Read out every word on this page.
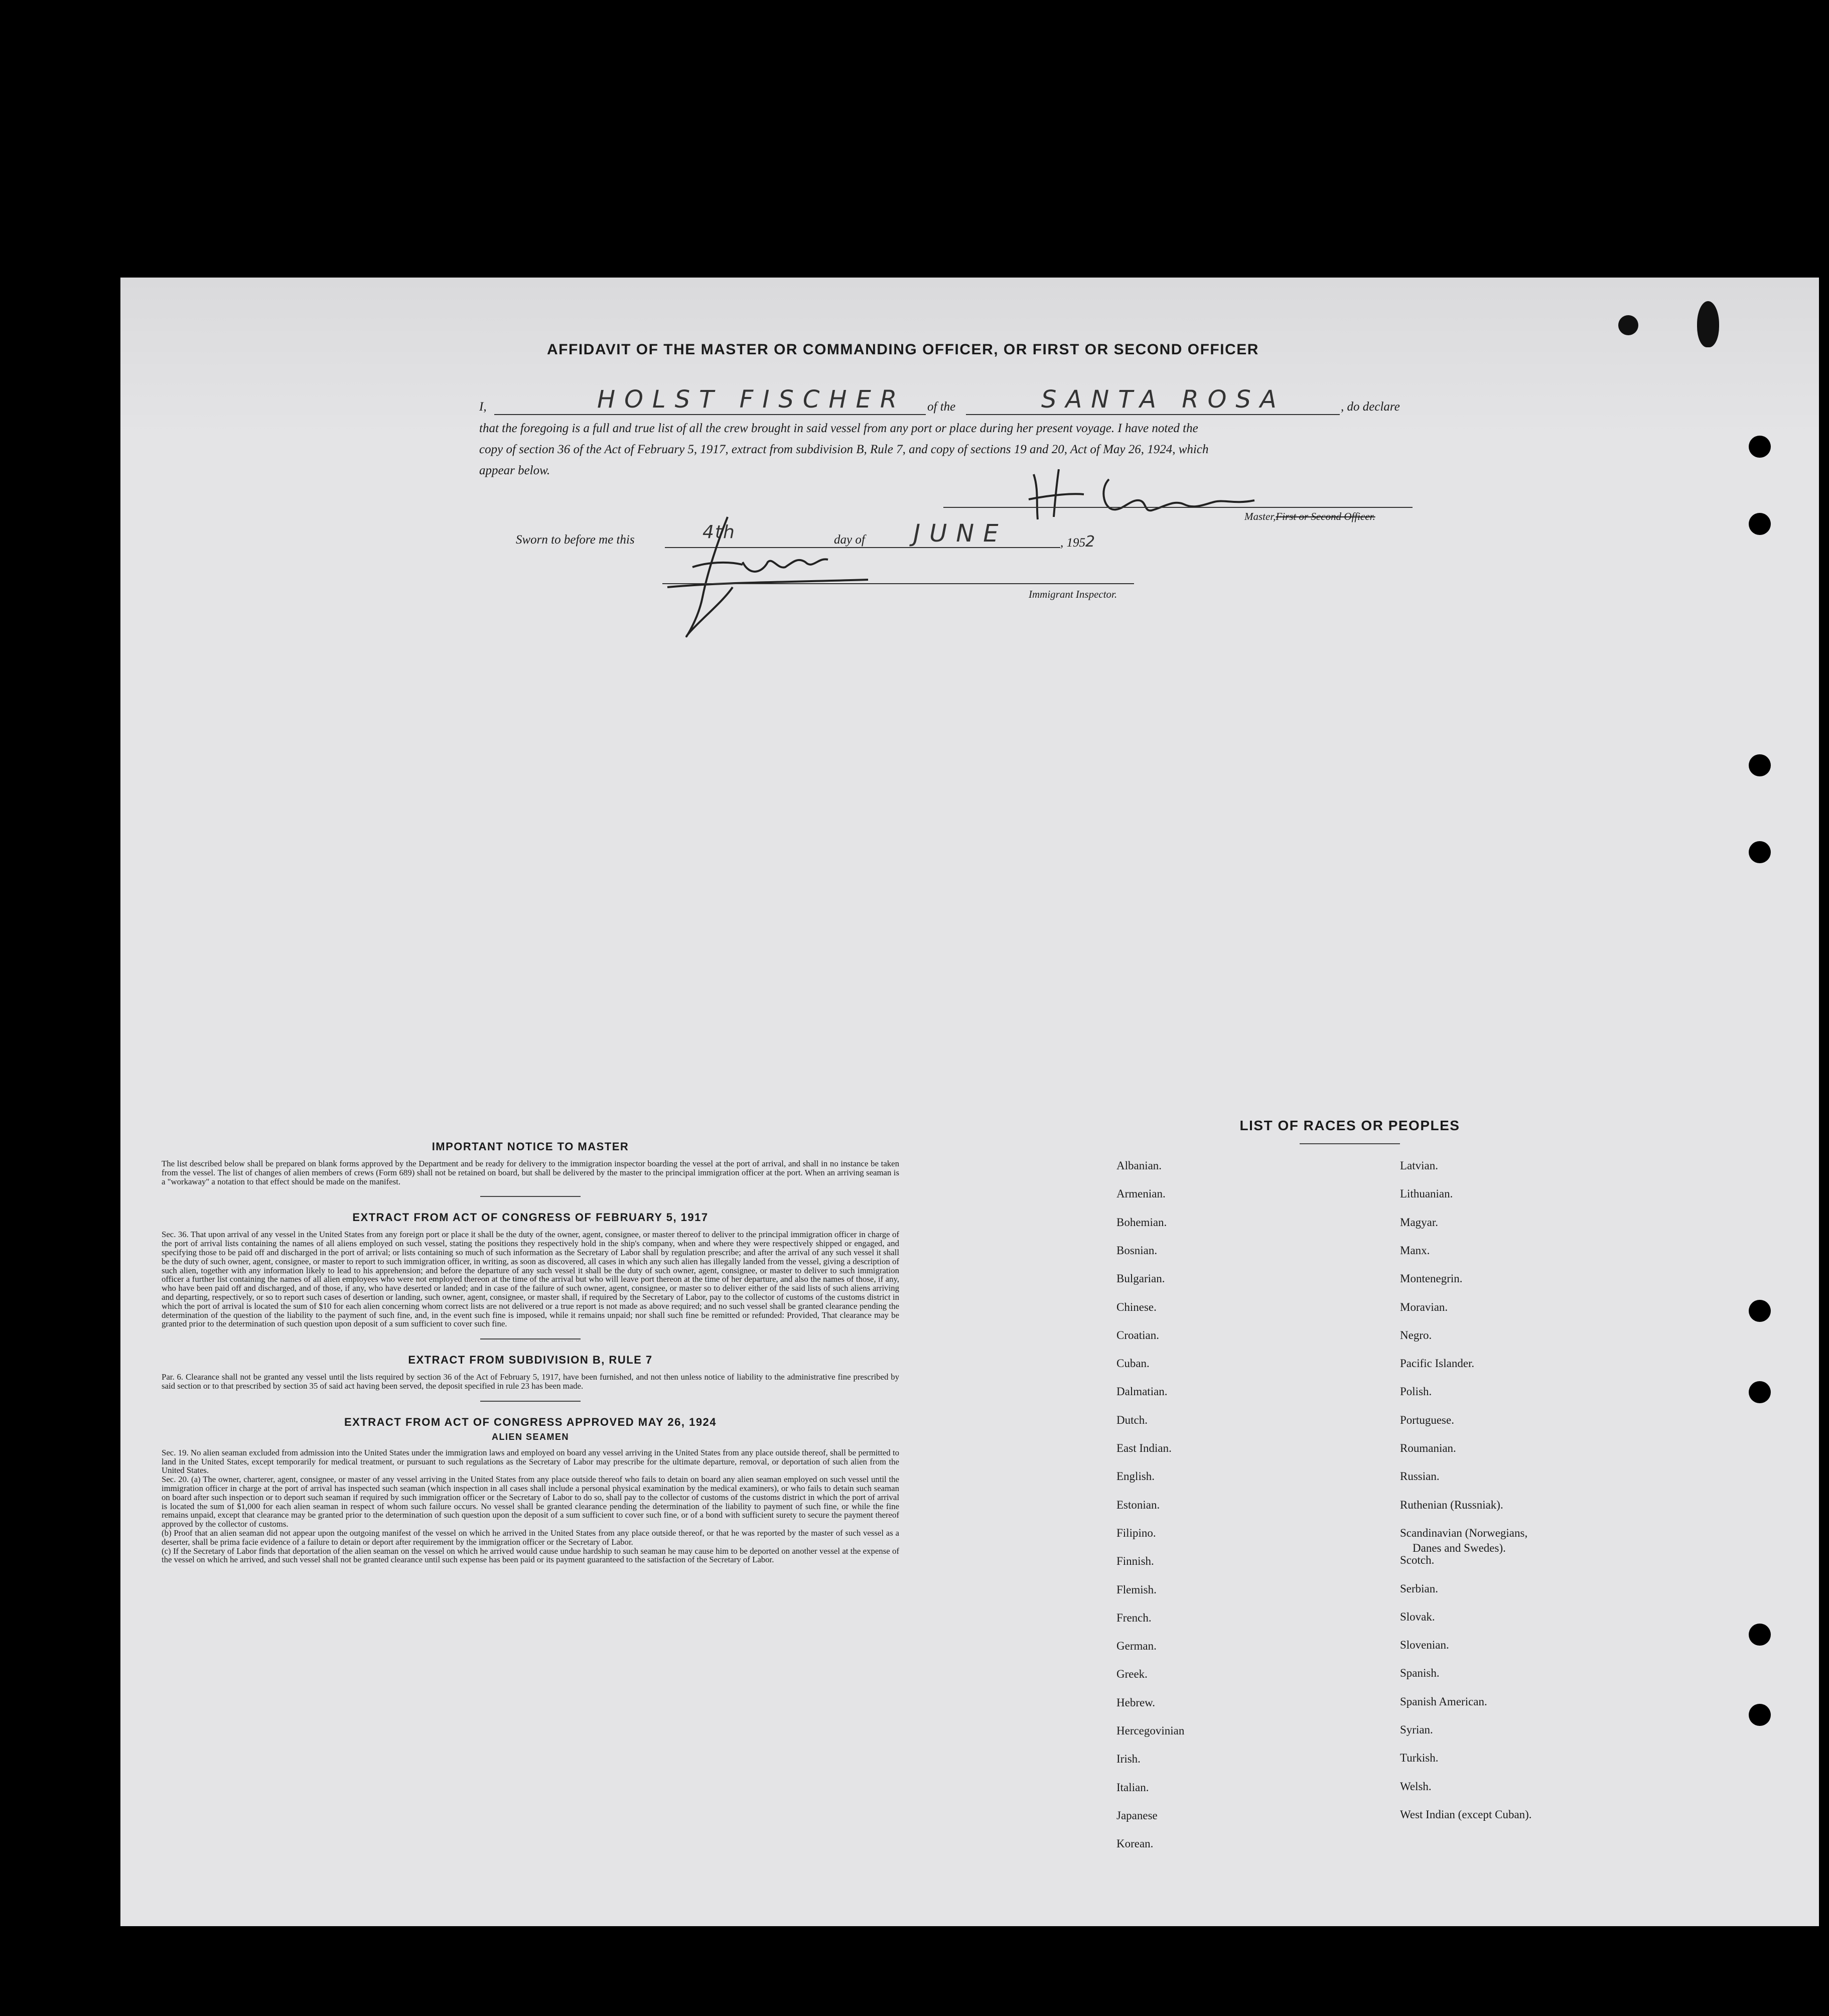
AFFIDAVIT OF THE MASTER OR COMMANDING OFFICER, OR FIRST OR SECOND OFFICER
I,	HOLST FISCHER of the	SANTA ROSA	, do declare
that the foregoing is a full and true list of all the crew brought in said vessel from any port or place during her present voyage. I have noted the
copy of section 36 of the Act of February 5, 1917, extract from subdivision B, Rule 7, and copy of sections 19 and 20, Act of May 26, 1924, which
appear below.
Master,First or Second Officer.
Sworn to before me this	4th	day of JUNE	, 1952
Immigrant Inspector.
IMPORTANT NOTICE TO MASTER
The list described below shall be prepared on blank forms approved by the Department and be ready for delivery to the immigration inspector boarding the vessel at the port of arrival, and shall in no instance be taken from the vessel. The list of changes of alien members of crews (Form 689) shall not be retained on board, but shall be delivered by the master to the principal immigration officer at the port. When an arriving seaman is a "workaway" a notation to that effect should be made on the manifest.
EXTRACT FROM ACT OF CONGRESS OF FEBRUARY 5, 1917
Sec. 36. That upon arrival of any vessel in the United States from any foreign port or place it shall be the duty of the owner, agent, consignee, or master thereof to deliver to the principal immigration officer in charge of the port of arrival lists containing the names of all aliens employed on such vessel, stating the positions they respectively hold in the ship's company, when and where they were respectively shipped or engaged, and specifying those to be paid off and discharged in the port of arrival; or lists containing so much of such information as the Secretary of Labor shall by regulation prescribe; and after the arrival of any such vessel it shall be the duty of such owner, agent, consignee, or master to report to such immigration officer, in writing, as soon as discovered, all cases in which any such alien has illegally landed from the vessel, giving a description of such alien, together with any information likely to lead to his apprehension; and before the departure of any such vessel it shall be the duty of such owner, agent, consignee, or master to deliver to such immigration officer a further list containing the names of all alien employees who were not employed thereon at the time of the arrival but who will leave port thereon at the time of her departure, and also the names of those, if any, who have been paid off and discharged, and of those, if any, who have deserted or landed; and in case of the failure of such owner, agent, consignee, or master so to deliver either of the said lists of such aliens arriving and departing, respectively, or so to report such cases of desertion or landing, such owner, agent, consignee, or master shall, if required by the Secretary of Labor, pay to the collector of customs of the customs district in which the port of arrival is located the sum of $10 for each alien concerning whom correct lists are not delivered or a true report is not made as above required; and no such vessel shall be granted clearance pending the determination of the question of the liability to the payment of such fine, and, in the event such fine is imposed, while it remains unpaid; nor shall such fine be remitted or refunded: Provided, That clearance may be granted prior to the determination of such question upon deposit of a sum sufficient to cover such fine.
EXTRACT FROM SUBDIVISION B, RULE 7
Par. 6. Clearance shall not be granted any vessel until the lists required by section 36 of the Act of February 5, 1917, have been furnished, and not then unless notice of liability to the administrative fine prescribed by said section or to that prescribed by section 35 of said act having been served, the deposit specified in rule 23 has been made.
EXTRACT FROM ACT OF CONGRESS APPROVED MAY 26, 1924
ALIEN SEAMEN
Sec. 19. No alien seaman excluded from admission into the United States under the immigration laws and employed on board any vessel arriving in the United States from any place outside thereof, shall be permitted to land in the United States, except temporarily for medical treatment, or pursuant to such regulations as the Secretary of Labor may prescribe for the ultimate departure, removal, or deportation of such alien from the United States.
Sec. 20. (a) The owner, charterer, agent, consignee, or master of any vessel arriving in the United States from any place outside thereof who fails to detain on board any alien seaman employed on such vessel until the immigration officer in charge at the port of arrival has inspected such seaman (which inspection in all cases shall include a personal physical examination by the medical examiners), or who fails to detain such seaman on board after such inspection or to deport such seaman if required by such immigration officer or the Secretary of Labor to do so, shall pay to the collector of customs of the customs district in which the port of arrival is located the sum of $1,000 for each alien seaman in respect of whom such failure occurs. No vessel shall be granted clearance pending the determination of the liability to payment of such fine, or while the fine remains unpaid, except that clearance may be granted prior to the determination of such question upon the deposit of a sum sufficient to cover such fine, or of a bond with sufficient surety to secure the payment thereof approved by the collector of customs.
(b) Proof that an alien seaman did not appear upon the outgoing manifest of the vessel on which he arrived in the United States from any place outside thereof, or that he was reported by the master of such vessel as a deserter, shall be prima facie evidence of a failure to detain or deport after requirement by the immigration officer or the Secretary of Labor.
(c) If the Secretary of Labor finds that deportation of the alien seaman on the vessel on which he arrived would cause undue hardship to such seaman he may cause him to be deported on another vessel at the expense of the vessel on which he arrived, and such vessel shall not be granted clearance until such expense has been paid or its payment guaranteed to the satisfaction of the Secretary of Labor.
LIST OF RACES OR PEOPLES
Albanian.
Armenian.
Bohemian.
Bosnian.
Bulgarian.
Chinese.
Croatian.
Cuban.
Dalmatian.
Dutch.
East Indian.
English.
Estonian.
Filipino.
Finnish.
Flemish.
French.
German.
Greek.
Hebrew.
Hercegovinian
Irish.
Italian.
Japanese
Korean.
Latvian.
Lithuanian.
Magyar.
Manx.
Montenegrin.
Moravian.
Negro.
Pacific Islander.
Polish.
Portuguese.
Roumanian.
Russian.
Ruthenian (Russniak).
Scandinavian (Norwegians,
Danes and Swedes).
Scotch.
Serbian.
Slovak.
Slovenian.
Spanish.
Spanish American.
Syrian.
Turkish.
Welsh.
West Indian (except Cuban).
